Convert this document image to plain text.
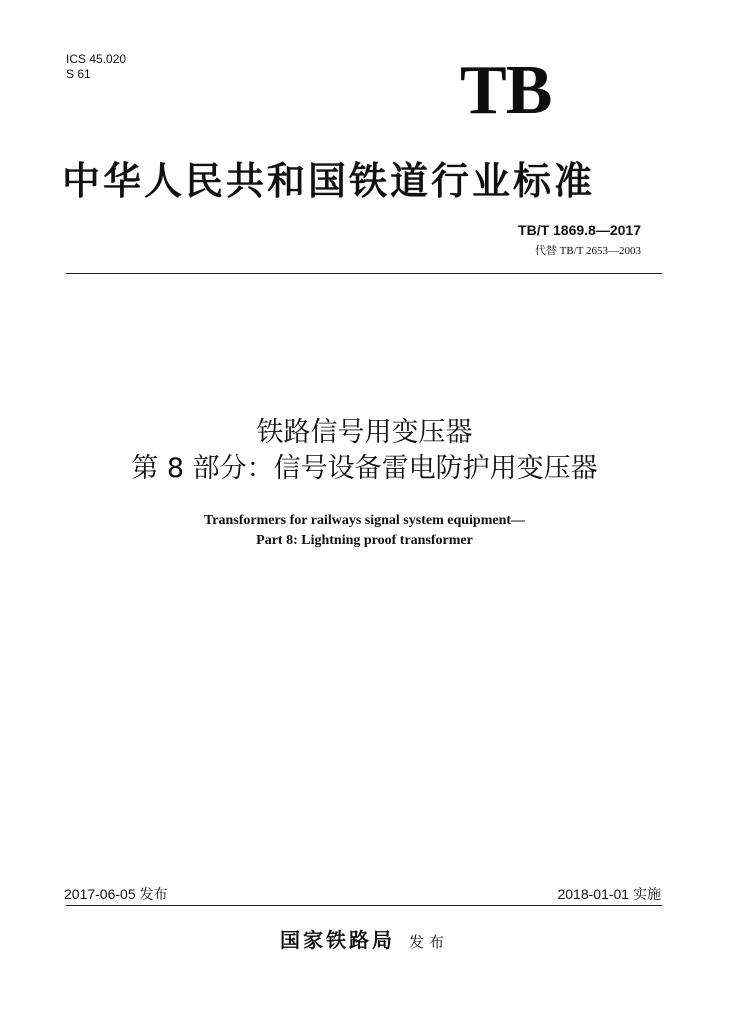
ICS 45.020
S 61	TB
中华人民共和国铁道行业标准
TB/T 1869.8—2017
代替 TB/T 2653—2003
铁路信号用变压器
第 8 部分：信号设备雷电防护用变压器
Transformers for railways signal system equipment—
Part 8: Lightning proof transformer
2017-06-05 发布	2018-01-01 实施
国家铁路局 发布
